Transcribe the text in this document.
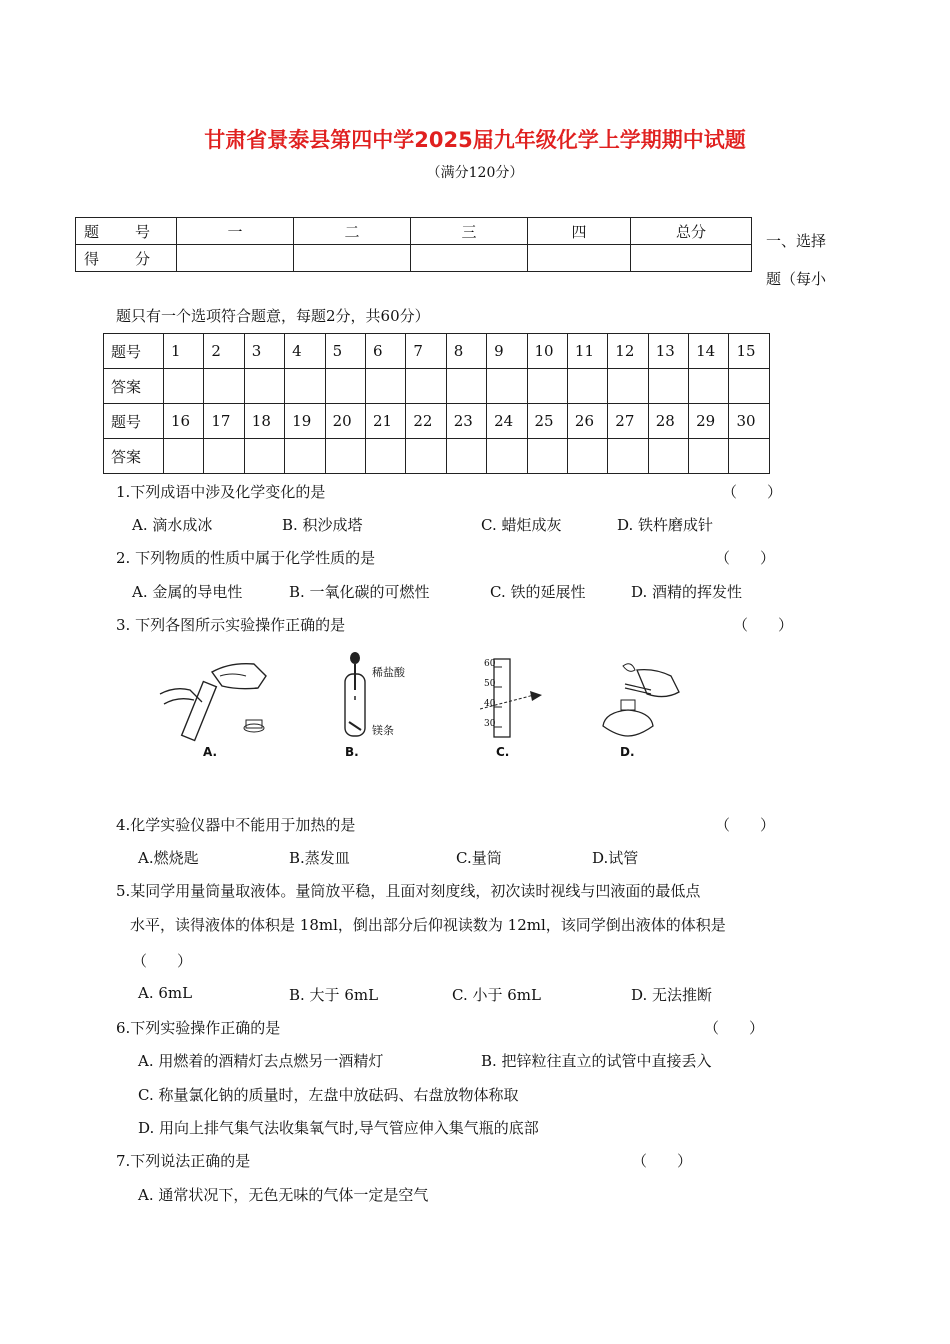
甘肃省景泰县第四中学2025届九年级化学上学期期中试题
（满分120分）
题　　号	一	二	三	四	总分
得　　分					
一、选择
题（每小
题只有一个选项符合题意，每题2分，共60分）
题号	1	2	3	4	5	6	7	8	9	10	11	12	13	14	15
答案															
题号	16	17	18	19	20	21	22	23	24	25	26	27	28	29	30
答案															
1.下列成语中涉及化学变化的是	（　　）
A. 滴水成冰	B. 积沙成塔	C. 蜡炬成灰	D. 铁杵磨成针
2. 下列物质的性质中属于化学性质的是	（　　）
A. 金属的导电性	B. 一氧化碳的可燃性	C. 铁的延展性	D. 酒精的挥发性
3. 下列各图所示实验操作正确的是	（　　）
A.
稀盐酸
镁条
B.
60
50
40
30
C.	D.
4.化学实验仪器中不能用于加热的是	（　　）
A.燃烧匙	B.蒸发皿	C.量筒	D.试管
5.某同学用量筒量取液体。量筒放平稳，且面对刻度线，初次读时视线与凹液面的最低点
水平，读得液体的体积是 18ml，倒出部分后仰视读数为 12ml，该同学倒出液体的体积是
（　　）
A. 6mL	B. 大于 6mL	C. 小于 6mL	D. 无法推断
6.下列实验操作正确的是	（　　）
A. 用燃着的酒精灯去点燃另一酒精灯	B. 把锌粒往直立的试管中直接丢入
C. 称量氯化钠的质量时，左盘中放砝码、右盘放物体称取
D. 用向上排气集气法收集氧气时,导气管应伸入集气瓶的底部
7.下列说法正确的是	（　　）
A. 通常状况下，无色无味的气体一定是空气
